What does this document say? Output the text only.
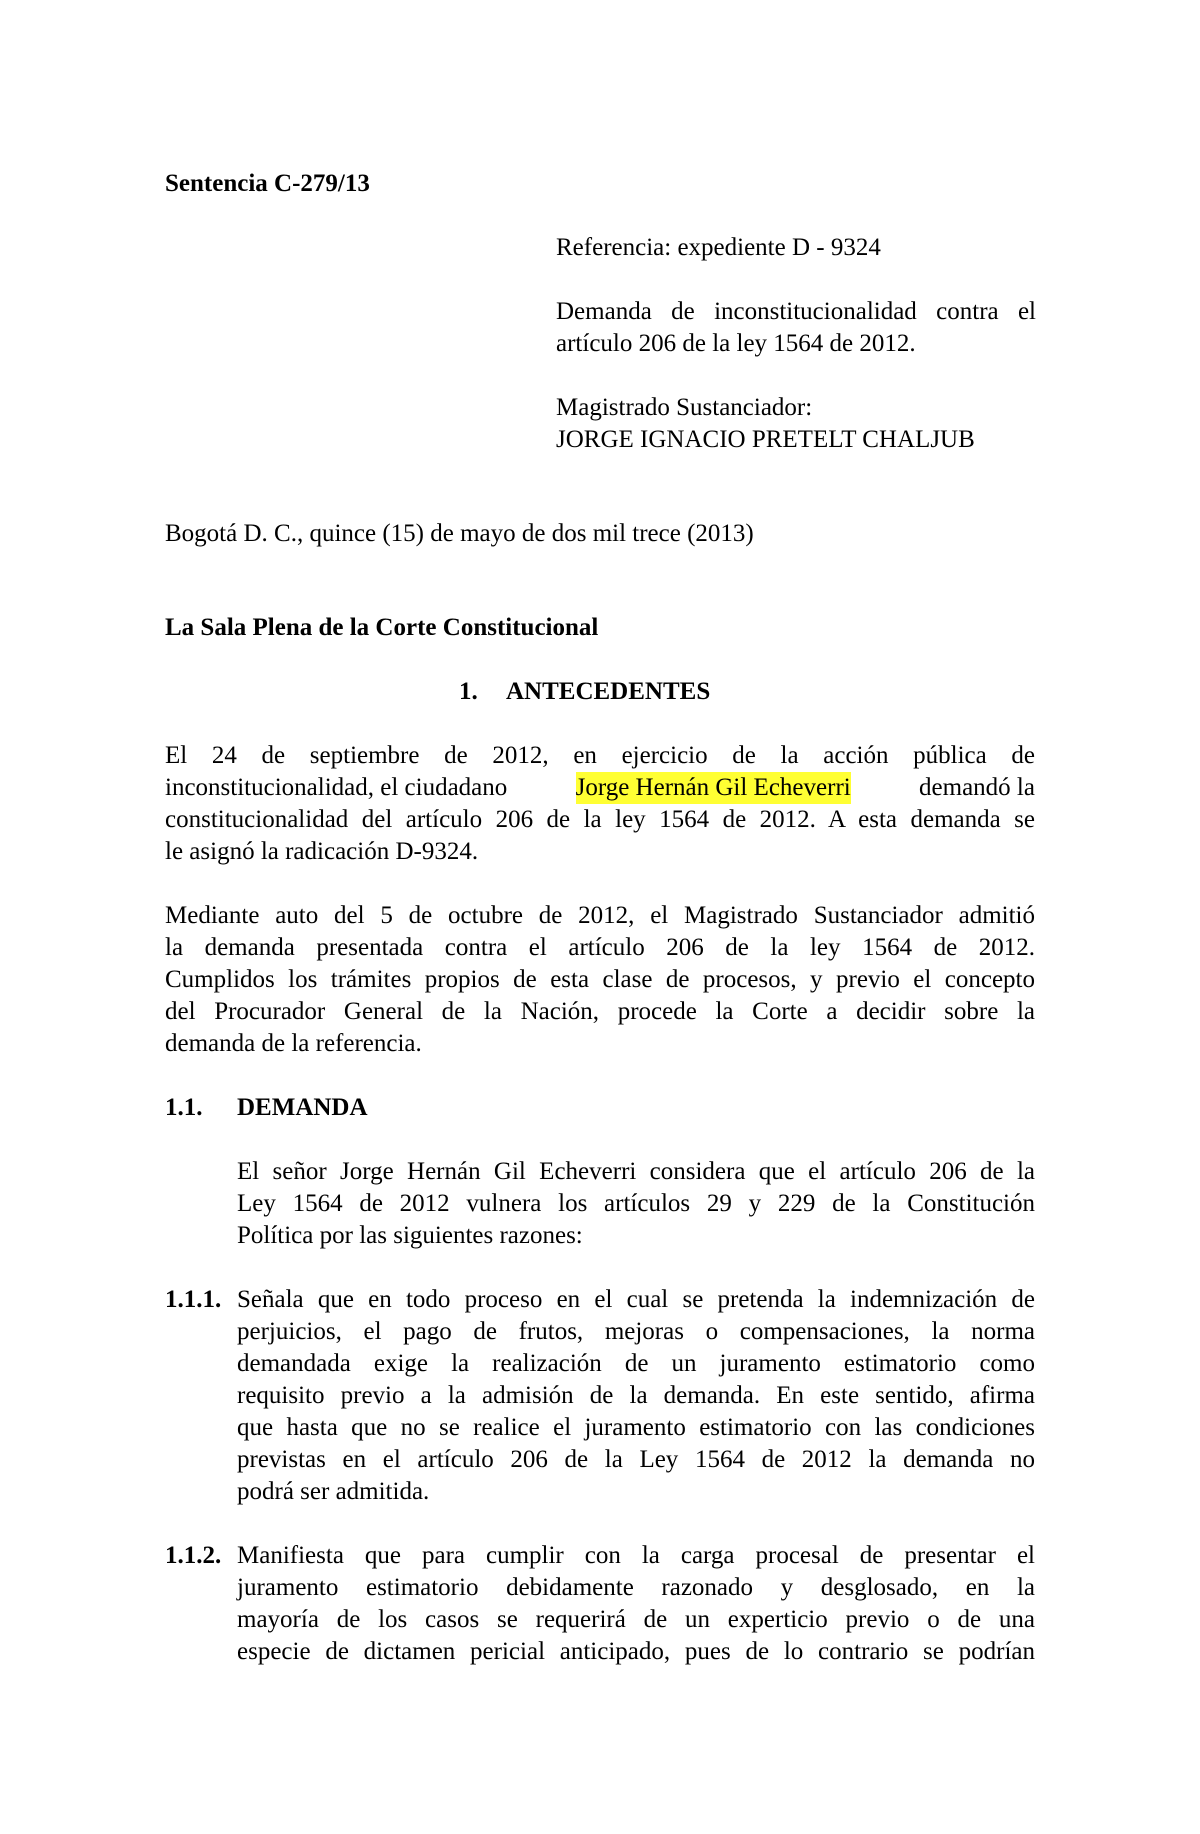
Sentencia C-279/13
Referencia: expediente D - 9324
Demanda de inconstitucionalidad contra el
artículo 206 de la ley 1564 de 2012.
Magistrado Sustanciador:
JORGE IGNACIO PRETELT CHALJUB
Bogotá D. C., quince (15) de mayo de dos mil trece (2013)
La Sala Plena de la Corte Constitucional
1. ANTECEDENTES
El 24 de septiembre de 2012, en ejercicio de la acción pública de
inconstitucionalidad, el ciudadano	Jorge Hernán Gil Echeverri	demandó la
constitucionalidad del artículo 206 de la ley 1564 de 2012. A esta demanda se
le asignó la radicación D-9324.
Mediante auto del 5 de octubre de 2012, el Magistrado Sustanciador admitió
la demanda presentada contra el artículo 206 de la ley 1564 de 2012.
Cumplidos los trámites propios de esta clase de procesos, y previo el concepto
del Procurador General de la Nación, procede la Corte a decidir sobre la
demanda de la referencia.
1.1. DEMANDA
El señor Jorge Hernán Gil Echeverri considera que el artículo 206 de la
Ley 1564 de 2012 vulnera los artículos 29 y 229 de la Constitución
Política por las siguientes razones:
1.1.1. Señala que en todo proceso en el cual se pretenda la indemnización de
perjuicios, el pago de frutos, mejoras o compensaciones, la norma
demandada exige la realización de un juramento estimatorio como
requisito previo a la admisión de la demanda. En este sentido, afirma
que hasta que no se realice el juramento estimatorio con las condiciones
previstas en el artículo 206 de la Ley 1564 de 2012 la demanda no
podrá ser admitida.
1.1.2. Manifiesta que para cumplir con la carga procesal de presentar el
juramento estimatorio debidamente razonado y desglosado, en la
mayoría de los casos se requerirá de un experticio previo o de una
especie de dictamen pericial anticipado, pues de lo contrario se podrían
